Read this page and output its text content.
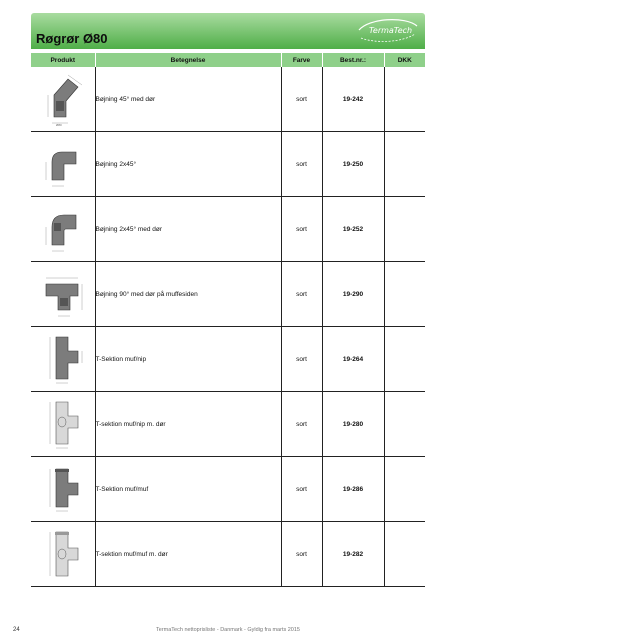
Røgrør Ø80
TermaTech
Produkt	Betegnelse	Farve	Best.nr.:	DKK

Ø80	Bøjning 45° med dør	sort	19-242	

	Bøjning 2x45°	sort	19-250	

	Bøjning 2x45° med dør	sort	19-252	

	Bøjning 90° med dør på muffesiden	sort	19-290	

	T-Sektion muf/nip	sort	19-264	

	T-sektion muf/nip m. dør	sort	19-280	

	T-Sektion muf/muf	sort	19-286	

	T-sektion muf/muf m. dør	sort	19-282	
24	TermaTech nettoprisliste - Danmark - Gyldig fra marts 2015
